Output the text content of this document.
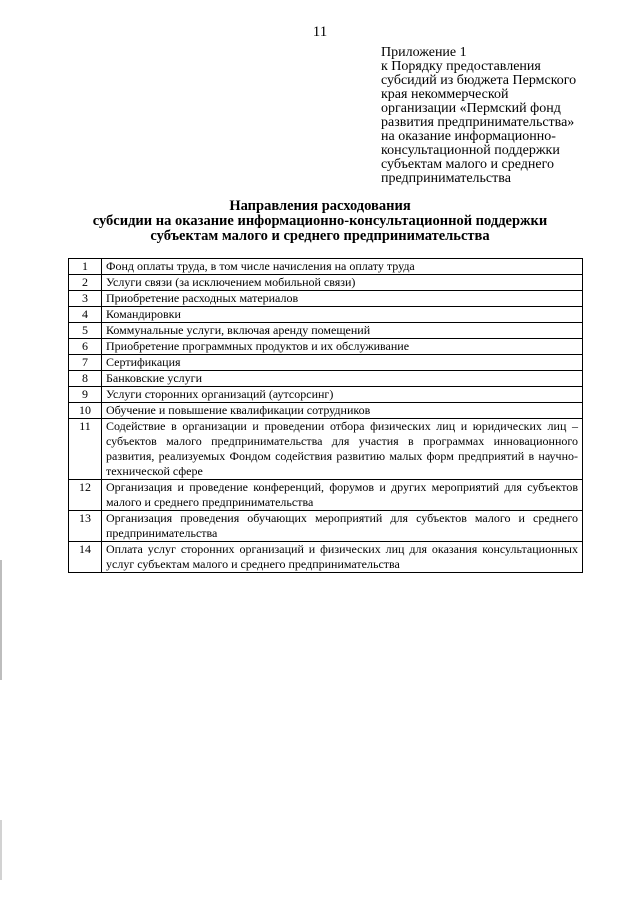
11
Приложение 1
к Порядку предоставления
субсидий из бюджета Пермского
края некоммерческой
организации «Пермский фонд
развития предпринимательства»
на оказание информационно-
консультационной поддержки
субъектам малого и среднего
предпринимательства
Направления расходования
субсидии на оказание информационно-консультационной поддержки
субъектам малого и среднего предпринимательства
1	Фонд оплаты труда, в том числе начисления на оплату труда
2	Услуги связи (за исключением мобильной связи)
3	Приобретение расходных материалов
4	Командировки
5	Коммунальные услуги, включая аренду помещений
6	Приобретение программных продуктов и их обслуживание
7	Сертификация
8	Банковские услуги
9	Услуги сторонних организаций (аутсорсинг)
10	Обучение и повышение квалификации сотрудников
11	Содействие в организации и проведении отбора физических лиц и юридических лиц – субъектов малого предпринимательства для участия в программах инновационного развития, реализуемых Фондом содействия развитию малых форм предприятий в научно-технической сфере
12	Организация и проведение конференций, форумов и других мероприятий для субъектов малого и среднего предпринимательства
13	Организация проведения обучающих мероприятий для субъектов малого и среднего предпринимательства
14	Оплата услуг сторонних организаций и физических лиц для оказания консультационных услуг субъектам малого и среднего предпринимательства
